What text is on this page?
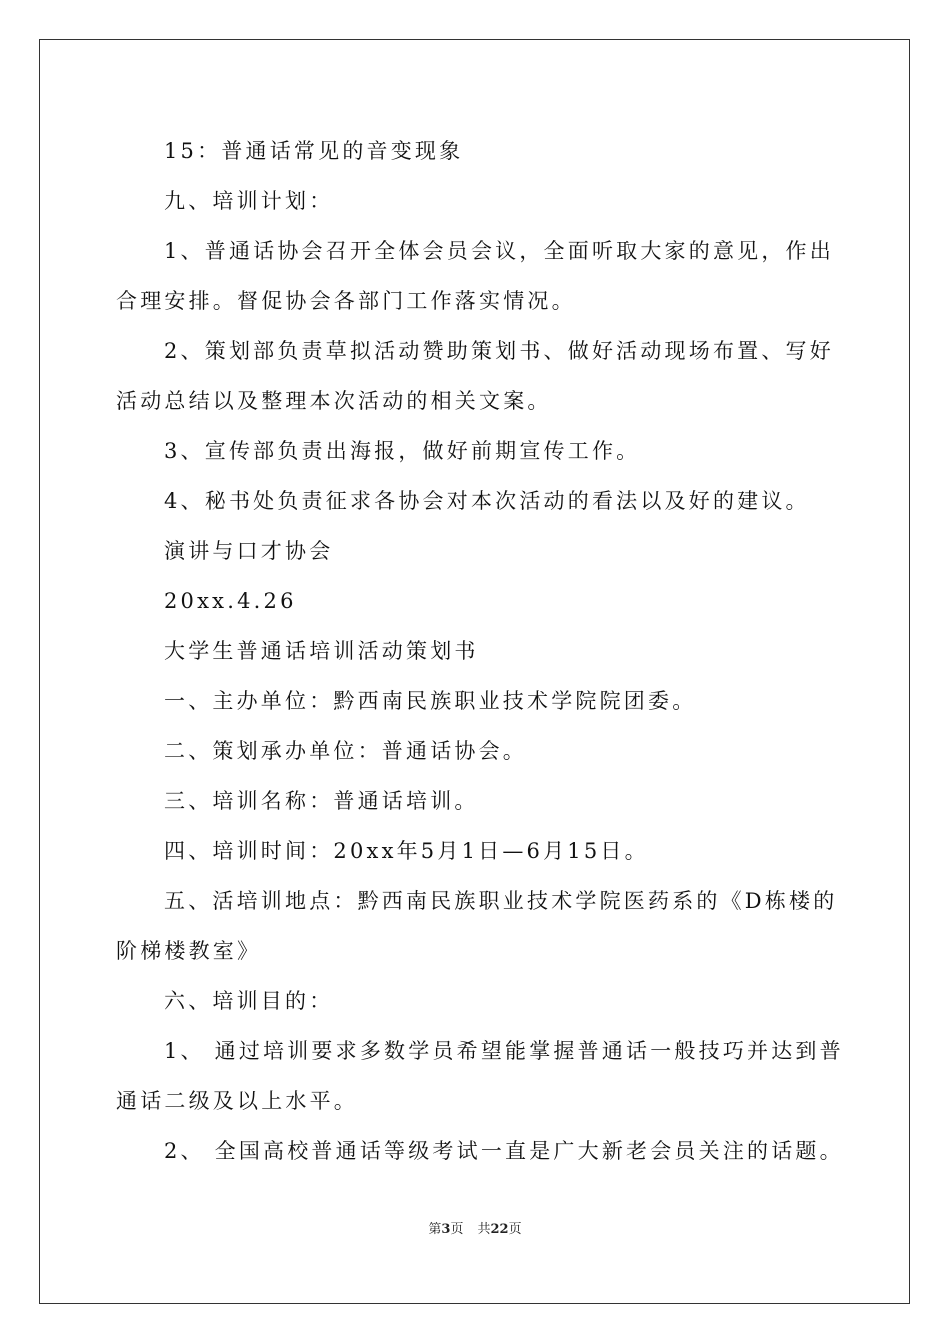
15：普通话常见的音变现象
九、培训计划：
1、普通话协会召开全体会员会议，全面听取大家的意见，作出
合理安排。督促协会各部门工作落实情况。
2、策划部负责草拟活动赞助策划书、做好活动现场布置、写好
活动总结以及整理本次活动的相关文案。
3、宣传部负责出海报，做好前期宣传工作。
4、秘书处负责征求各协会对本次活动的看法以及好的建议。
演讲与口才协会
20xx.4.26
大学生普通话培训活动策划书
一、主办单位：黔西南民族职业技术学院院团委。
二、策划承办单位：普通话协会。
三、培训名称：普通话培训。
四、培训时间：20xx年5月1日—6月15日。
五、活培训地点：黔西南民族职业技术学院医药系的《D栋楼的
阶梯楼教室》
六、培训目的：
1、 通过培训要求多数学员希望能掌握普通话一般技巧并达到普
通话二级及以上水平。
2、 全国高校普通话等级考试一直是广大新老会员关注的话题。
第3页 共22页
